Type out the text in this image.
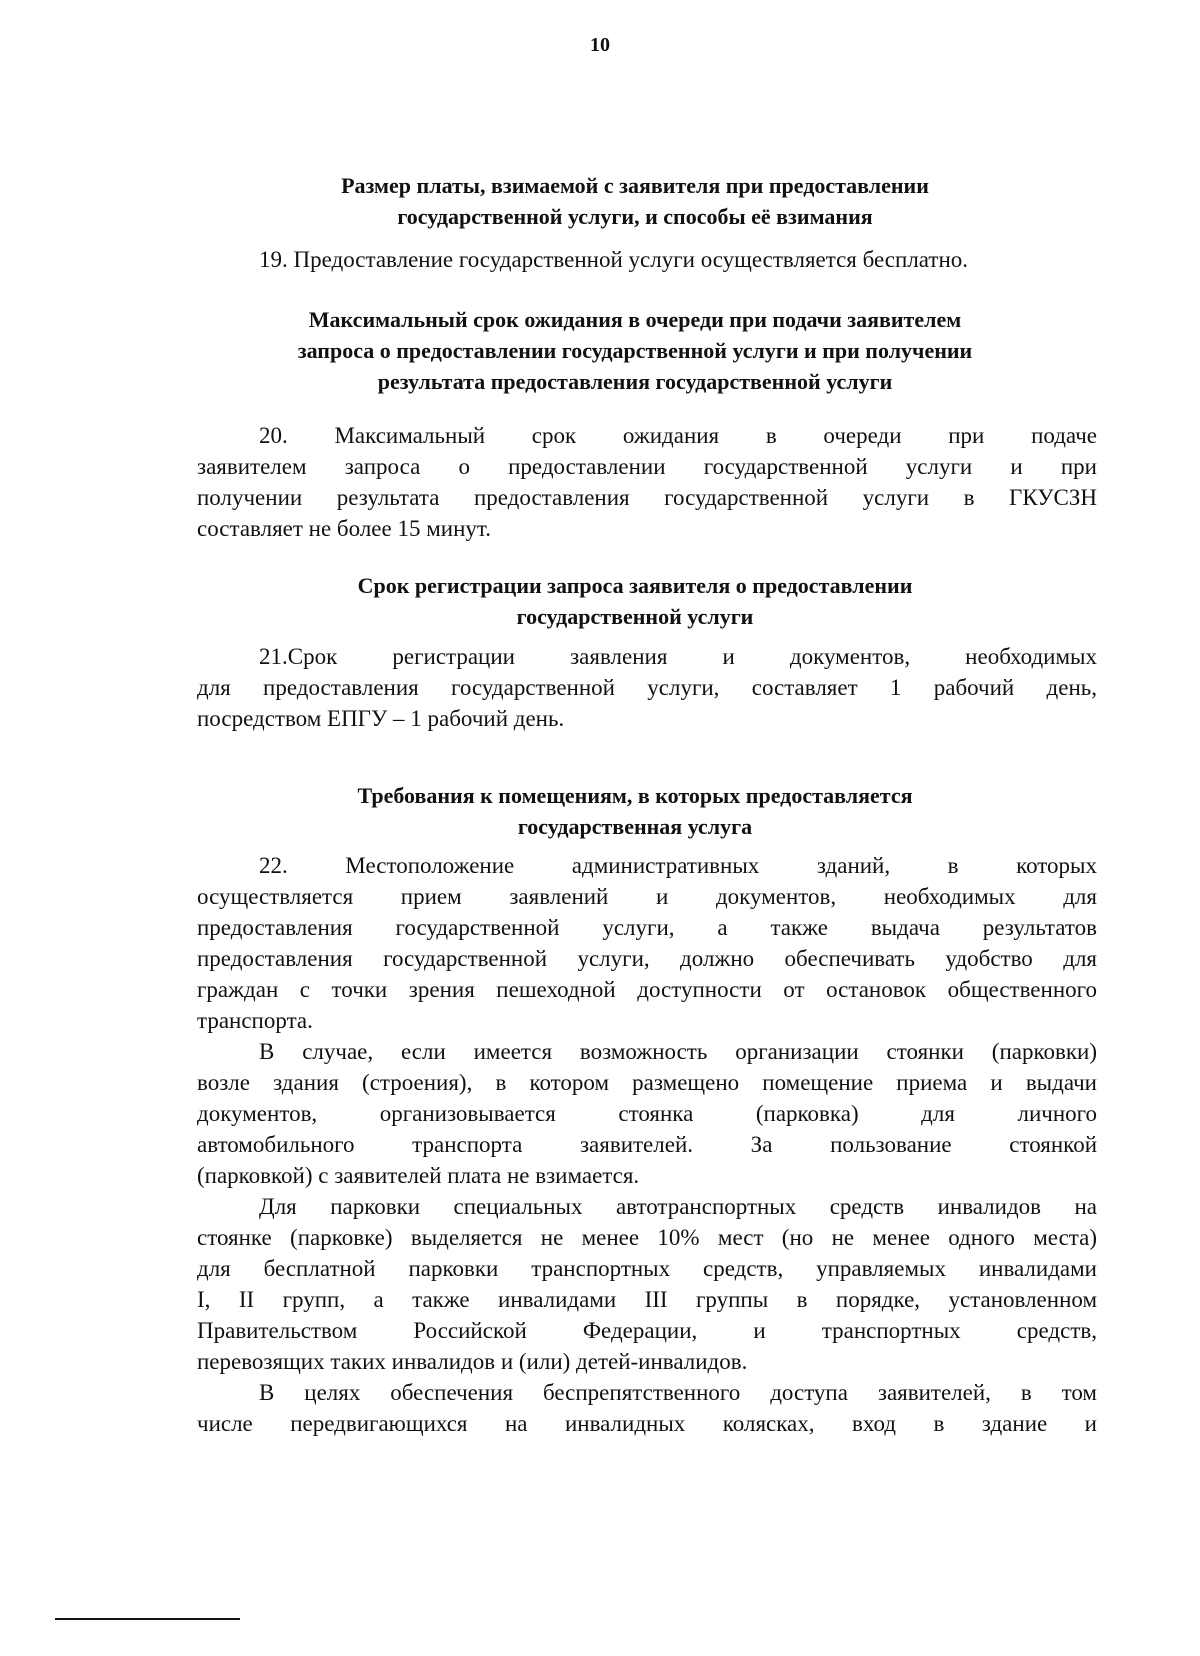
10
Размер платы, взимаемой с заявителя при предоставлении
государственной услуги, и способы её взимания
19. Предоставление государственной услуги осуществляется бесплатно.
Максимальный срок ожидания в очереди при подачи заявителем
запроса о предоставлении государственной услуги и при получении
результата предоставления государственной услуги
20. Максимальный срок ожидания в очереди при подаче
заявителем запроса о предоставлении государственной услуги и при
получении результата предоставления государственной услуги в ГКУСЗН
составляет не более 15 минут.
Срок регистрации запроса заявителя о предоставлении
государственной услуги
21.Срок регистрации заявления и документов, необходимых
для предоставления государственной услуги, составляет 1 рабочий день,
посредством ЕПГУ – 1 рабочий день.
Требования к помещениям, в которых предоставляется
государственная услуга
22. Местоположение административных зданий, в которых
осуществляется прием заявлений и документов, необходимых для
предоставления государственной услуги, а также выдача результатов
предоставления государственной услуги, должно обеспечивать удобство для
граждан с точки зрения пешеходной доступности от остановок общественного
транспорта.
В случае, если имеется возможность организации стоянки (парковки)
возле здания (строения), в котором размещено помещение приема и выдачи
документов, организовывается стоянка (парковка) для личного
автомобильного транспорта заявителей. За пользование стоянкой
(парковкой) с заявителей плата не взимается.
Для парковки специальных автотранспортных средств инвалидов на
стоянке (парковке) выделяется не менее 10% мест (но не менее одного места)
для бесплатной парковки транспортных средств, управляемых инвалидами
I, II групп, а также инвалидами III группы в порядке, установленном
Правительством Российской Федерации, и транспортных средств,
перевозящих таких инвалидов и (или) детей-инвалидов.
В целях обеспечения беспрепятственного доступа заявителей, в том
числе передвигающихся на инвалидных колясках, вход в здание и
